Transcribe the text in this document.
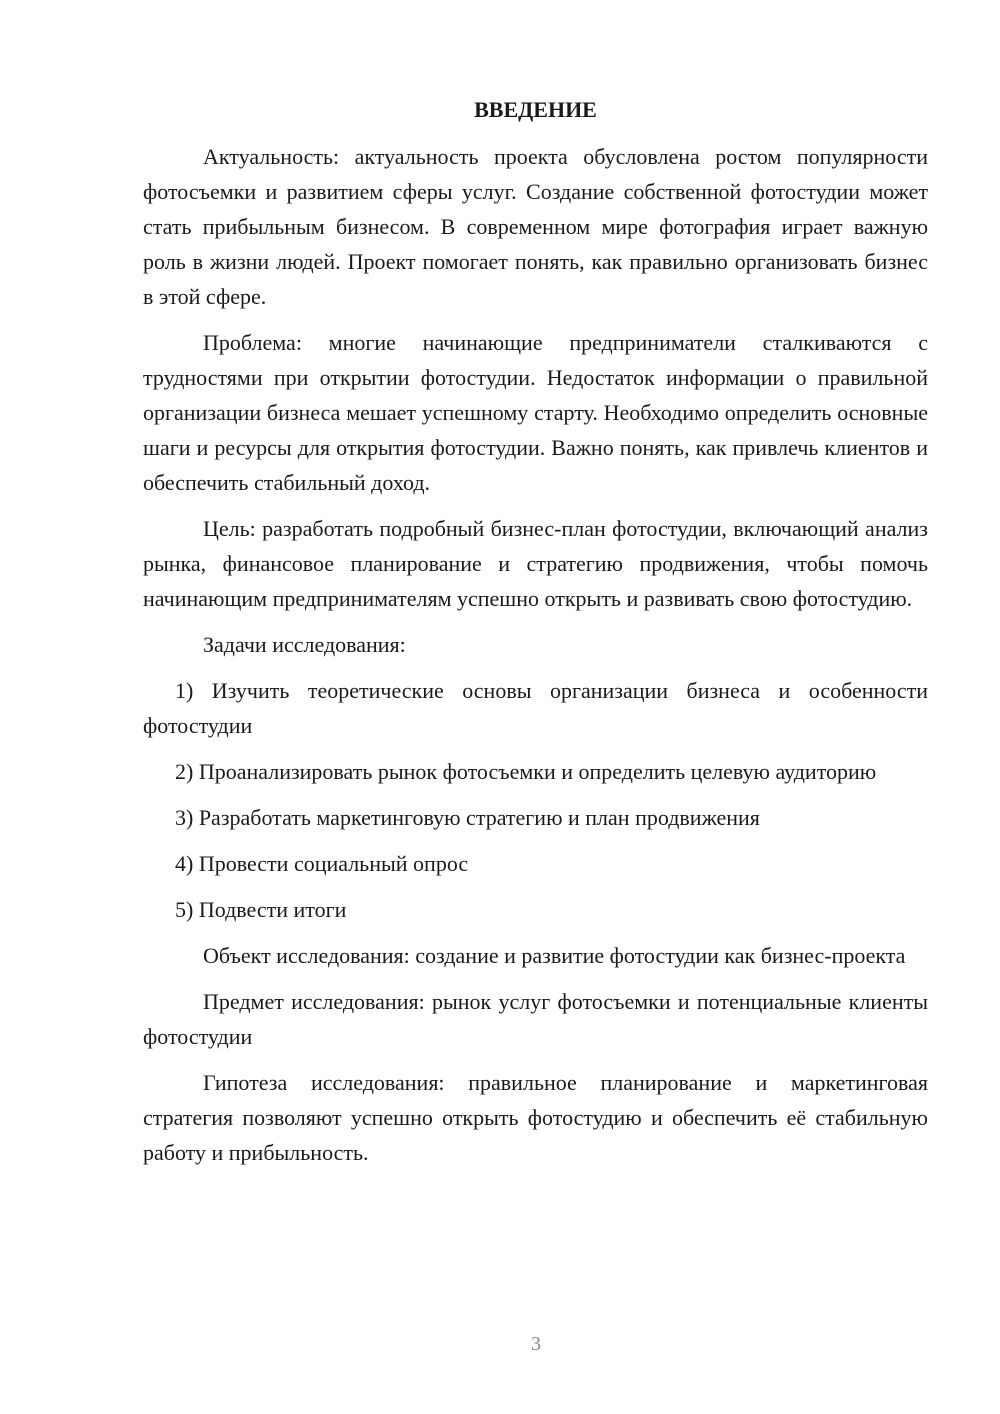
ВВЕДЕНИЕ

Актуальность: актуальность проекта обусловлена ростом популярности фотосъемки и развитием сферы услуг. Создание собственной фотостудии может стать прибыльным бизнесом. В современном мире фотография играет важную роль в жизни людей. Проект помогает понять, как правильно организовать бизнес в этой сфере.

Проблема: многие начинающие предприниматели сталкиваются с трудностями при открытии фотостудии. Недостаток информации о правильной организации бизнеса мешает успешному старту. Необходимо определить основные шаги и ресурсы для открытия фотостудии. Важно понять, как привлечь клиентов и обеспечить стабильный доход.

Цель: разработать подробный бизнес-план фотостудии, включающий анализ рынка, финансовое планирование и стратегию продвижения, чтобы помочь начинающим предпринимателям успешно открыть и развивать свою фотостудию.

Задачи исследования:

1) Изучить теоретические основы организации бизнеса и особенности фотостудии

2) Проанализировать рынок фотосъемки и определить целевую аудиторию

3) Разработать маркетинговую стратегию и план продвижения

4) Провести социальный опрос

5) Подвести итоги

Объект исследования: создание и развитие фотостудии как бизнес-проекта

Предмет исследования: рынок услуг фотосъемки и потенциальные клиенты фотостудии

Гипотеза исследования: правильное планирование и маркетинговая стратегия позволяют успешно открыть фотостудию и обеспечить её стабильную работу и прибыльность.

3
